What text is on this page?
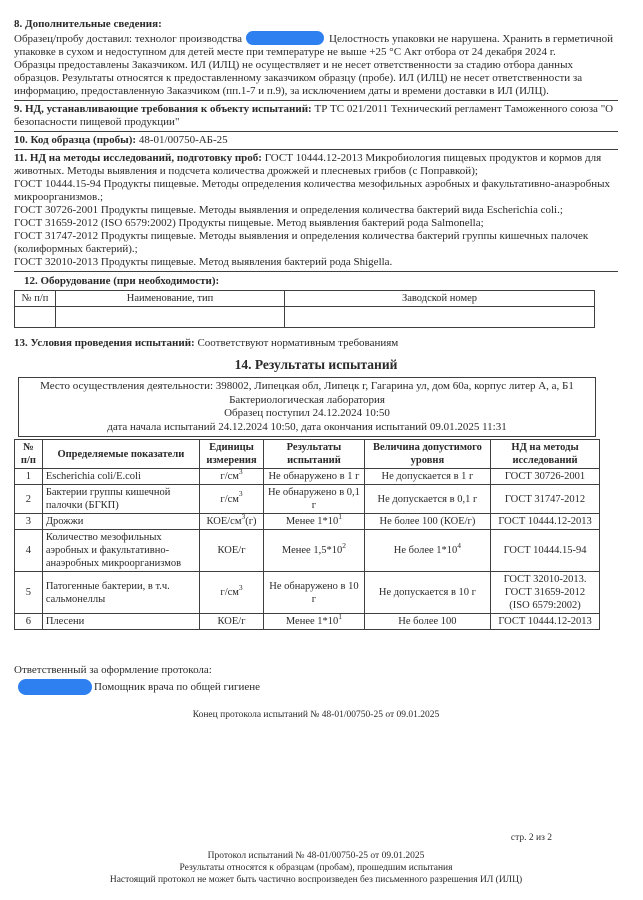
8. Дополнительные сведения:
Образец/пробу доставил: технолог производства	Целостность упаковки не нарушена. Хранить в герметичной упаковке в сухом и недоступном для детей месте при температуре не выше +25 °С Акт отбора от 24 декабря 2024 г.
Образцы предоставлены Заказчиком. ИЛ (ИЛЦ) не осуществляет и не несет ответственности за стадию отбора данных образцов. Результаты относятся к предоставленному заказчиком образцу (пробе). ИЛ (ИЛЦ) не несет ответственности за информацию, предоставленную Заказчиком (пп.1-7 и п.9), за исключением даты и времени доставки в ИЛ (ИЛЦ).
9. НД, устанавливающие требования к объекту испытаний: ТР ТС 021/2011 Технический регламент Таможенного союза "О безопасности пищевой продукции"
10. Код образца (пробы): 48-01/00750-АБ-25
11. НД на методы исследований, подготовку проб: ГОСТ 10444.12-2013 Микробиология пищевых продуктов и кормов для животных. Методы выявления и подсчета количества дрожжей и плесневых грибов (с Поправкой);
ГОСТ 10444.15-94 Продукты пищевые. Методы определения количества мезофильных аэробных и факультативно-анаэробных микроорганизмов.;
ГОСТ 30726-2001 Продукты пищевые. Методы выявления и определения количества бактерий вида Escherichia coli.;
ГОСТ 31659-2012 (ISO 6579:2002) Продукты пищевые. Метод выявления бактерий рода Salmonella;
ГОСТ 31747-2012 Продукты пищевые. Методы выявления и определения количества бактерий группы кишечных палочек (колиформных бактерий).;
ГОСТ 32010-2013 Продукты пищевые. Метод выявления бактерий рода Shigella.
12. Оборудование (при необходимости):
№ п/п	Наименование, тип	Заводской номер

13. Условия проведения испытаний: Соответствуют нормативным требованиям
14. Результаты испытаний
Место осуществления деятельности: 398002, Липецкая обл, Липецк г, Гагарина ул, дом 60а, корпус литер А, а, Б1
Бактериологическая лаборатория
Образец поступил 24.12.2024 10:50
дата начала испытаний 24.12.2024 10:50, дата окончания испытаний 09.01.2025 11:31
№ п/п	Определяемые показатели	Единицы измерения	Результаты испытаний	Величина допустимого уровня	НД на методы исследований
1	Escherichia coli/E.coli	$г/см^3$	Не обнаружено в 1 г	Не допускается в 1 г	ГОСТ 30726-2001
2	Бактерии группы кишечной палочки (БГКП)	$г/см^3$	Не обнаружено в 0,1 г	Не допускается в 0,1 г	ГОСТ 31747-2012
3	Дрожжи	КОЕ/$см^3(г)$	Менее $1*10^1$	Не более 100 (КОЕ/г)	ГОСТ 10444.12-2013
4	Количество мезофильных аэробных и факультативно-анаэробных микроорганизмов	КОЕ/г	Менее $1,5*10^2$	Не более $1*10^4$	ГОСТ 10444.15-94
5	Патогенные бактерии, в т.ч. сальмонеллы	$г/см^3$	Не обнаружено в 10 г	Не допускается в 10 г	ГОСТ 32010-2013. ГОСТ 31659-2012 (ISO 6579:2002)
6	Плесени	КОЕ/г	Менее $1*10^1$	Не более 100	ГОСТ 10444.12-2013
Ответственный за оформление протокола:
Помощник врача по общей гигиене
Конец протокола испытаний № 48-01/00750-25 от 09.01.2025
стр. 2 из 2
Протокол испытаний № 48-01/00750-25 от 09.01.2025
Результаты относятся к образцам (пробам), прошедшим испытания
Настоящий протокол не может быть частично воспроизведен без письменного разрешения ИЛ (ИЛЦ)
